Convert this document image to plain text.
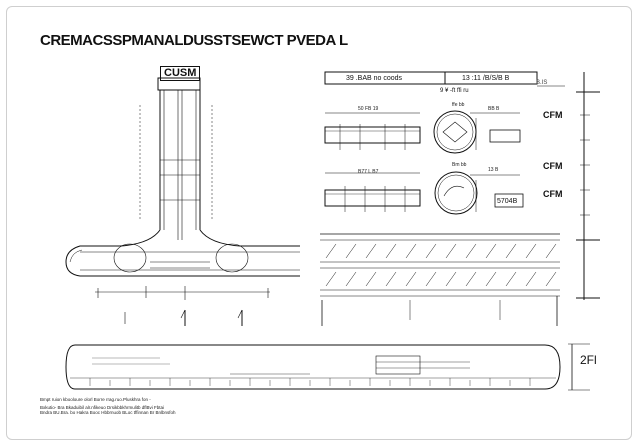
CREMACSSPMANALDUSSTSEWCT PVEDA L
CUSM	39 .BAB no coods	13 :11 /B/S/B B
B.IS
9 ¥ -ft ffi ru
CFM
CFM
CFM
50 FB 19	BB B
B77 L B7	13 B
ffe bb
Bm bb
5704B
2Fl
Bmpt ruion kbooloure olorl Borre rrag.ruo.Pluskhra fon -
Bxkutio- Bra Bkaduibil alr.nfikeuo Drsikbbkhrmulitb dflBvi Fbtai
Bndra BU.Bra. bo Hakra Booc Hbbrnuob BLoc tffinnan Br Bnlbnsfoh
